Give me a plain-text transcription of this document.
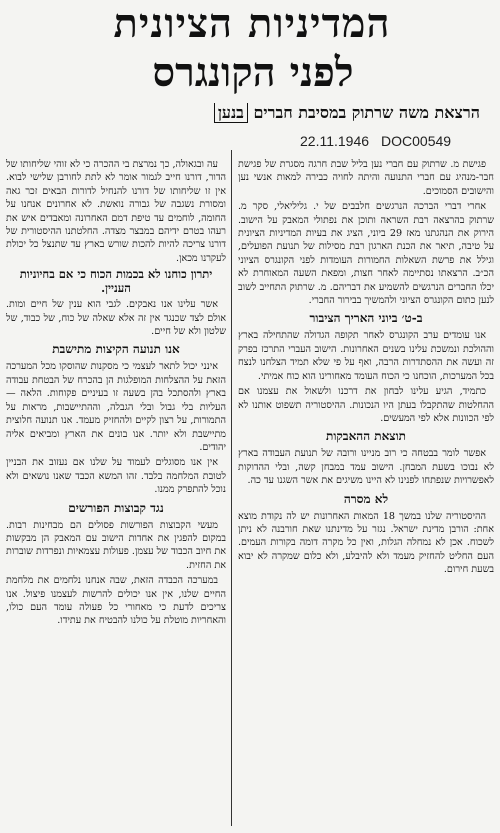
המדיניות הציונית
לפני הקונגרס
הרצאת משה שרתוק במסיבת חברים בנען
22.11.1946 DOC00549

פגישת מ. שרתוק עם חברי נען בליל שבת חרגה מסגרת של פגישת חבר-מנהיג עם חברי התנועה והיתה לחויה כבירה למאות אנשי נען והישובים הסמוכים.

אחרי דברי הברכה הנרגשים חלבבים של י. גליליאלי, סקר מ. שרתוק בהרצאה רבת השראה ותוכן את נפתולי המאבק על הישוב. הירוק את הנהגתנו מאז 29 ביוני, הציג את בעיות המדיניות הציונית על טיבה, תיאר את הכנת הארגון רבת מסילות של תנועת הפועלים, וגילל את פרשת השאלות החמורות העומדות לפני הקונגרס הציוני הכ״ב. הרצאתו נסתיימה לאחר חצות, ומפאת השעה המאוחרת לא יכלו החברים הנרגשים להשמיע את דבריהם. מ. שרתוק התחייב לשוב לנען כתום הקונגרס הציוני ולהמשיך בבירור החברי.

ב-ט׳ ביוני האריך הציבור

אנו עומדים ערב הקונגרס לאחר תקופה הגדולה שהתחילה בארץ וההולכת ונמשכת עלינו בשנים האחרונות. הישוב העברי התרכז בפרק זה ועשה את ההסתדרות הרבה, ואף על פי שלא תמיד הצלחנו לנצח בכל המערכות, הוכחנו כי הכוח העומד מאחורינו הוא כוח אמיתי.

כתמיד, הגיע עלינו לבחון את דרכנו ולשאול את עצמנו אם ההחלטות שהתקבלו בעתן היו הנכונות. ההיסטוריה תשפוט אותנו לא לפי הכוונות אלא לפי המעשים.

תוצאת ההאבקות

אפשר לומר בבטחה כי רוב מניינו ורובה של תנועת העבודה בארץ לא נבוכו בשעת המבחן. הישוב עמד במבחן קשה, ובלי ההדוקות לאפשרויות שנפתחו לפנינו לא היינו משיגים את אשר השגנו עד כה.

לא מסרה

ההיסטוריה שלנו במשך 18 המאות האחרונות יש לה נקודת מוצא אחת: הורבן מדינת ישראל. נגזר על מדינתנו שאת חורבנה לא ניתן לשכוח. אכן לא נמחלה הגלות, ואין כל מקרה דומה בקורות העמים. העם החליט להחזיק מעמד ולא להיבלע, ולא כלום שמקרה לא יבוא בשעת חירום.

עה ובגאולה, כך נמרצת בי ההכרה כי לא זוהי שליחותו של הדור, דורנו חייב לגמור אומר לא לתת לחורבן שלישי לבוא. אין זו שליחותו של דורנו להנחיל לדורות הבאים זכר גאה ומסורת נשגבה של גבורה נואשת. לא אחרונים אנחנו על החומה, לוחמים עד טיפת דמם האחרונה ומאבדים איש את רעהו בטרם ידיהם במבצר מצדה. החלטתנו ההיסטורית של דורנו צריכה להיות להכות שורש בארץ עד שתנצל כל יכולת לעקרנו מכאן.

יתרון כוחנו לא בכמות הכוח כי אם בחיוניות העניין.

אשר עלינו אנו נאבקים. לגבי הוא ענין של חיים ומות. אולם לצד שכנגד אין זה אלא שאלה של כוח, של כבוד, של שלטון ולא של חיים.

אנו תנועה הקיצות מתישבת

אינני יכול לתאר לעצמי כי מסקנות שהוסקו מכל המערכה הזאת על ההצלחות המופלגות הן בהכרח של הבטחת עבודה בארץ ולהסתכל בהן בשעה זו בעיניים פקוחות. הלאה — העליות בלי גבול ובלי הגבלה, וההתיישבות, מראות על התמורות, על רצון לקיים ולהחזיק מעמד. אנו תנועה חלוצית מתיישבת ולא יותר. אנו בונים את הארץ ומביאים אליה יהודים.

אין אנו מסוגלים לעמוד על שלנו אם נעזוב את הבניין לטובת המלחמה בלבד. זהו המשא הכבד שאנו נושאים ולא נוכל להתפרק ממנו.

נגד קבוצות הפורשים

מעשי הקבוצות הפורשות פסולים הם מבחינות רבות. במקום להפגין את אחדות הישוב עם המאבק הן מבקשות את חיוב הכבוד של עצמן. פעולות עצמאיות ונפרדות שוברות את החזית.

במערכה הכבדה הזאת, שבה אנחנו נלחמים את מלחמת החיים שלנו, אין אנו יכולים להרשות לעצמנו פיצול. אנו צריכים לדעת כי מאחורי כל פעולה עומד העם כולו, והאחריות מוטלת על כולנו להבטיח את עתידו.
